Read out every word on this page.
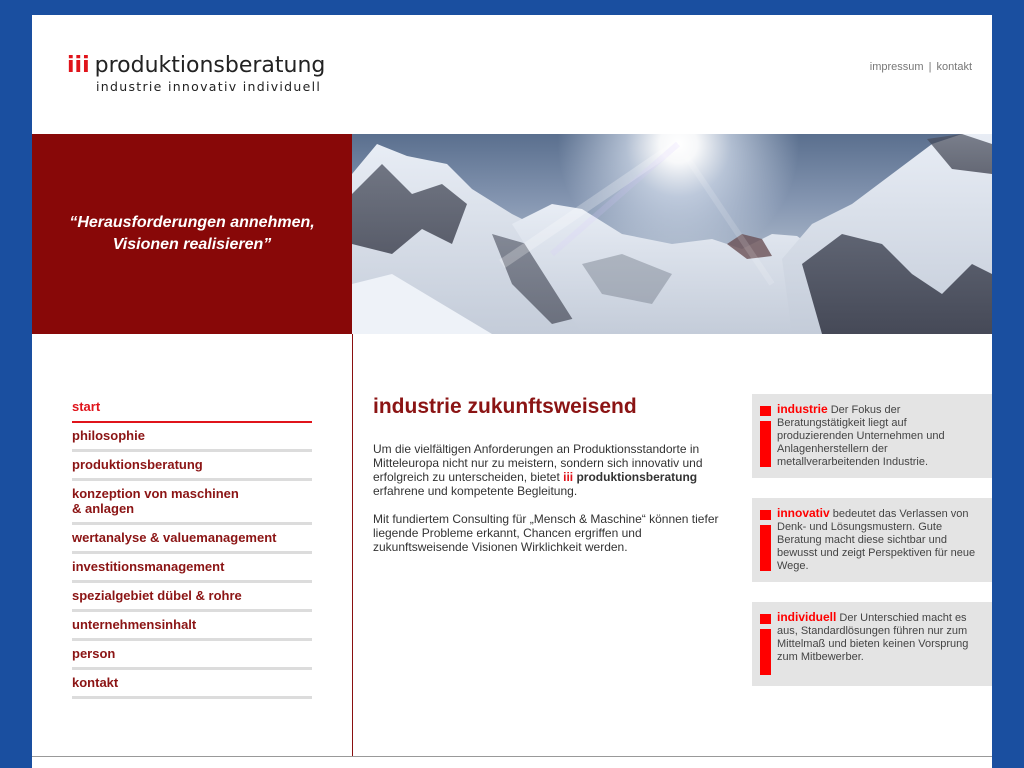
iii produktionsberatung
industrie innovativ individuell
impressum | kontakt
“Herausforderungen annehmen,
Visionen realisieren”
start
philosophie
produktionsberatung
konzeption von maschinen
& anlagen
wertanalyse & valuemanagement
investitionsmanagement
spezialgebiet dübel & rohre
unternehmensinhalt
person
kontakt
industrie zukunftsweisend

Um die vielfältigen Anforderungen an Produktionsstandorte in Mitteleuropa nicht nur zu meistern, sondern sich innovativ und erfolgreich zu unterscheiden, bietet iii produktionsberatung erfahrene und kompetente Begleitung.

Mit fundiertem Consulting für „Mensch & Maschine“ können tiefer liegende Probleme erkannt, Chancen ergriffen und zukunftsweisende Visionen Wirklichkeit werden.

industrie Der Fokus der Beratungstätigkeit liegt auf produzierenden Unternehmen und Anlagenherstellern der metallverarbeitenden Industrie.
innovativ bedeutet das Verlassen von Denk- und Lösungsmustern. Gute Beratung macht diese sichtbar und bewusst und zeigt Perspektiven für neue Wege.
individuell Der Unterschied macht es aus, Standardlösungen führen nur zum Mittelmaß und bieten keinen Vorsprung zum Mitbewerber.
